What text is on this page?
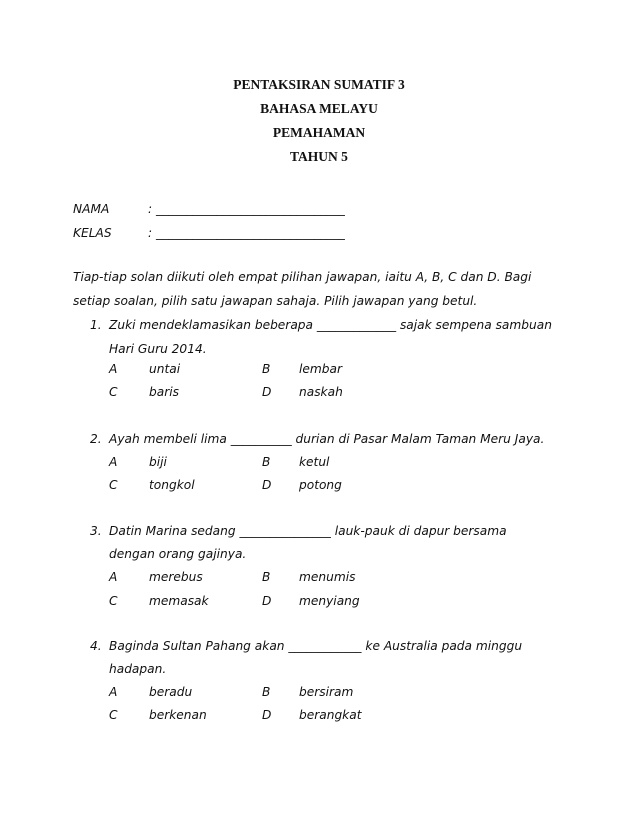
PENTAKSIRAN SUMATIF 3
BAHASA MELAYU
PEMAHAMAN
TAHUN 5
NAMA	: _______________________________
KELAS	: _______________________________
Tiap-tiap solan diikuti oleh empat pilihan jawapan, iaitu A, B, C dan D. Bagi
setiap soalan, pilih satu jawapan sahaja. Pilih jawapan yang betul.
1. Zuki mendeklamasikan beberapa _____________ sajak sempena sambuan
Hari Guru 2014.
A	untai	B lembar
C	baris	D naskah
2. Ayah membeli lima __________ durian di Pasar Malam Taman Meru Jaya.
A	biji	B ketul
C	tongkol	D potong
3. Datin Marina sedang _______________ lauk-pauk di dapur bersama
dengan orang gajinya.
A	merebus	B menumis
C	memasak	D menyiang
4. Baginda Sultan Pahang akan ____________ ke Australia pada minggu
hadapan.
A	beradu	B bersiram
C	berkenan	D berangkat
